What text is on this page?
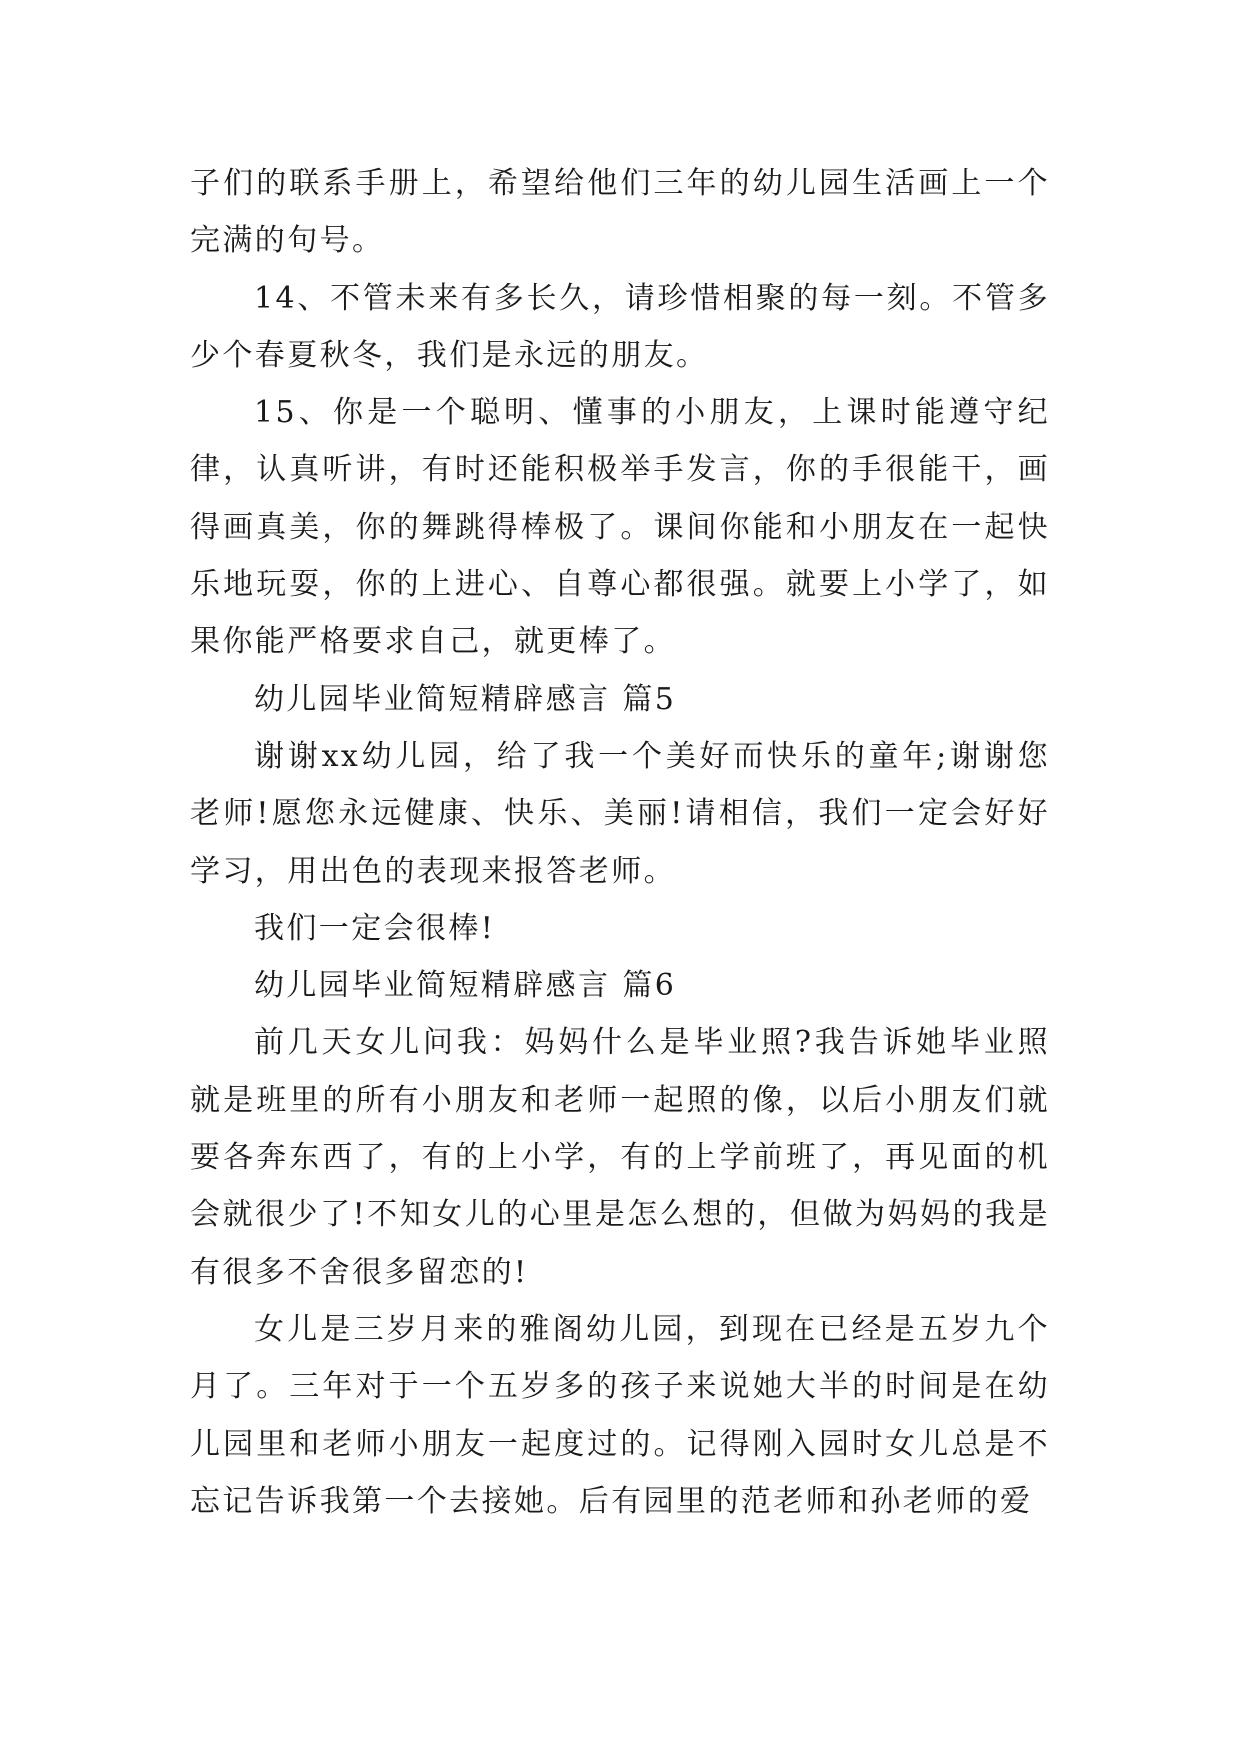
子们的联系手册上，希望给他们三年的幼儿园生活画上一个完满的句号。

14、不管未来有多长久，请珍惜相聚的每一刻。不管多少个春夏秋冬，我们是永远的朋友。

15、你是一个聪明、懂事的小朋友，上课时能遵守纪律，认真听讲，有时还能积极举手发言，你的手很能干，画得画真美，你的舞跳得棒极了。课间你能和小朋友在一起快乐地玩耍，你的上进心、自尊心都很强。就要上小学了，如果你能严格要求自己，就更棒了。

幼儿园毕业简短精辟感言 篇5

谢谢xx幼儿园，给了我一个美好而快乐的童年;谢谢您老师!愿您永远健康、快乐、美丽!请相信，我们一定会好好学习，用出色的表现来报答老师。

我们一定会很棒!

幼儿园毕业简短精辟感言 篇6

前几天女儿问我：妈妈什么是毕业照?我告诉她毕业照就是班里的所有小朋友和老师一起照的像，以后小朋友们就要各奔东西了，有的上小学，有的上学前班了，再见面的机会就很少了!不知女儿的心里是怎么想的，但做为妈妈的我是有很多不舍很多留恋的!

女儿是三岁月来的雅阁幼儿园，到现在已经是五岁九个月了。三年对于一个五岁多的孩子来说她大半的时间是在幼儿园里和老师小朋友一起度过的。记得刚入园时女儿总是不忘记告诉我第一个去接她。后有园里的范老师和孙老师的爱
